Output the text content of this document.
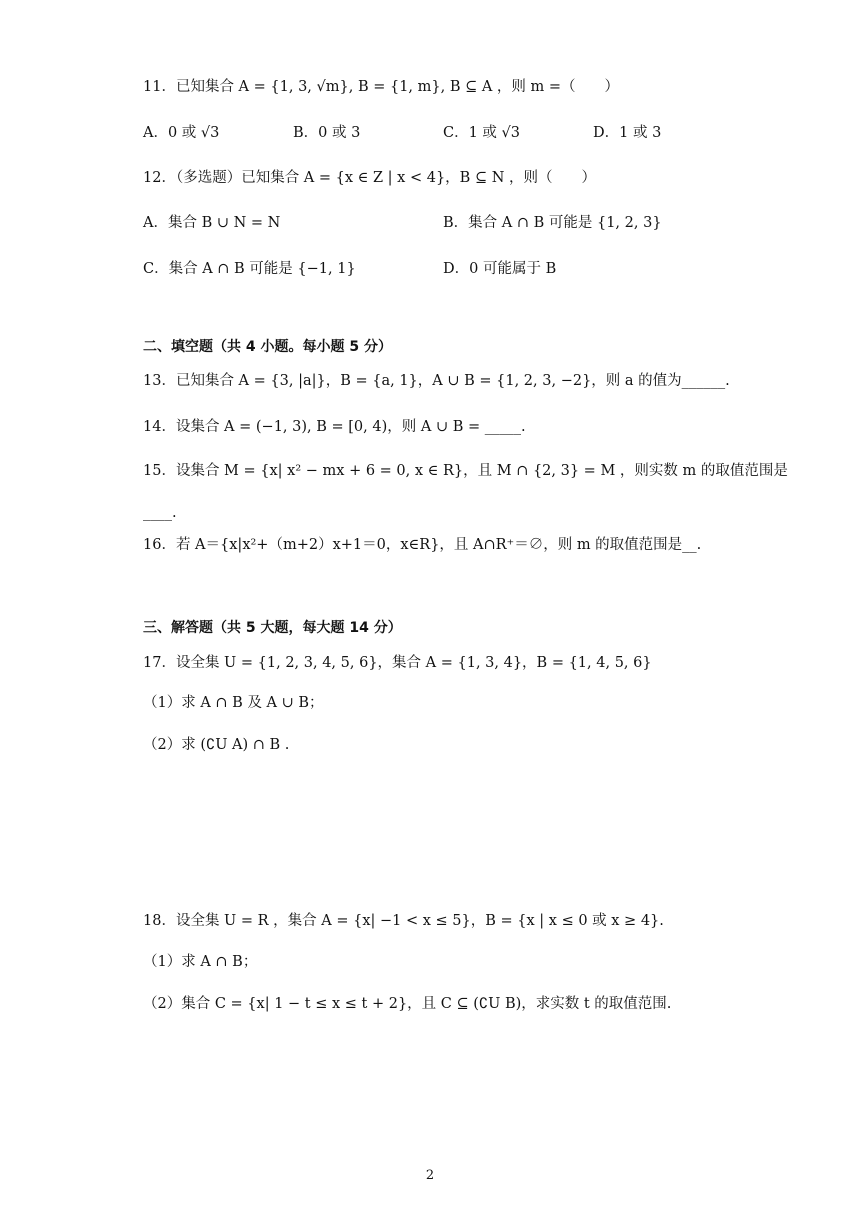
11．已知集合 A = {1, 3, √m}, B = {1, m}, B ⊆ A ，则 m =（　　）
A．0 或 √3	B．0 或 3	C．1 或 √3	D．1 或 3
12．（多选题）已知集合 A = {x ∈ Z | x < 4}，B ⊆ N ，则（　　）
A．集合 B ∪ N = N	B．集合 A ∩ B 可能是 {1, 2, 3}
C．集合 A ∩ B 可能是 {−1, 1}	D．0 可能属于 B
二、填空题（共 4 小题。每小题 5 分）
13．已知集合 A = {3, |a|}，B = {a, 1}，A ∪ B = {1, 2, 3, −2}，则 a 的值为______.
14．设集合 A = (−1, 3), B = [0, 4)，则 A ∪ B = _____.
15．设集合 M = {x| x² − mx + 6 = 0, x ∈ R}，且 M ∩ {2, 3} = M ，则实数 m 的取值范围是
____.
16．若 A＝{x|x²+（m+2）x+1＝0，x∈R}，且 A∩R⁺＝∅，则 m 的取值范围是__.
三、解答题（共 5 大题，每大题 14 分）
17．设全集 U = {1, 2, 3, 4, 5, 6}，集合 A = {1, 3, 4}，B = {1, 4, 5, 6}
（1）求 A ∩ B 及 A ∪ B；
（2）求 (∁U A) ∩ B .
18．设全集 U = R ，集合 A = {x| −1 < x ≤ 5}，B = {x | x ≤ 0 或 x ≥ 4}.
（1）求 A ∩ B；
（2）集合 C = {x| 1 − t ≤ x ≤ t + 2}，且 C ⊆ (∁U B)，求实数 t 的取值范围.
2
